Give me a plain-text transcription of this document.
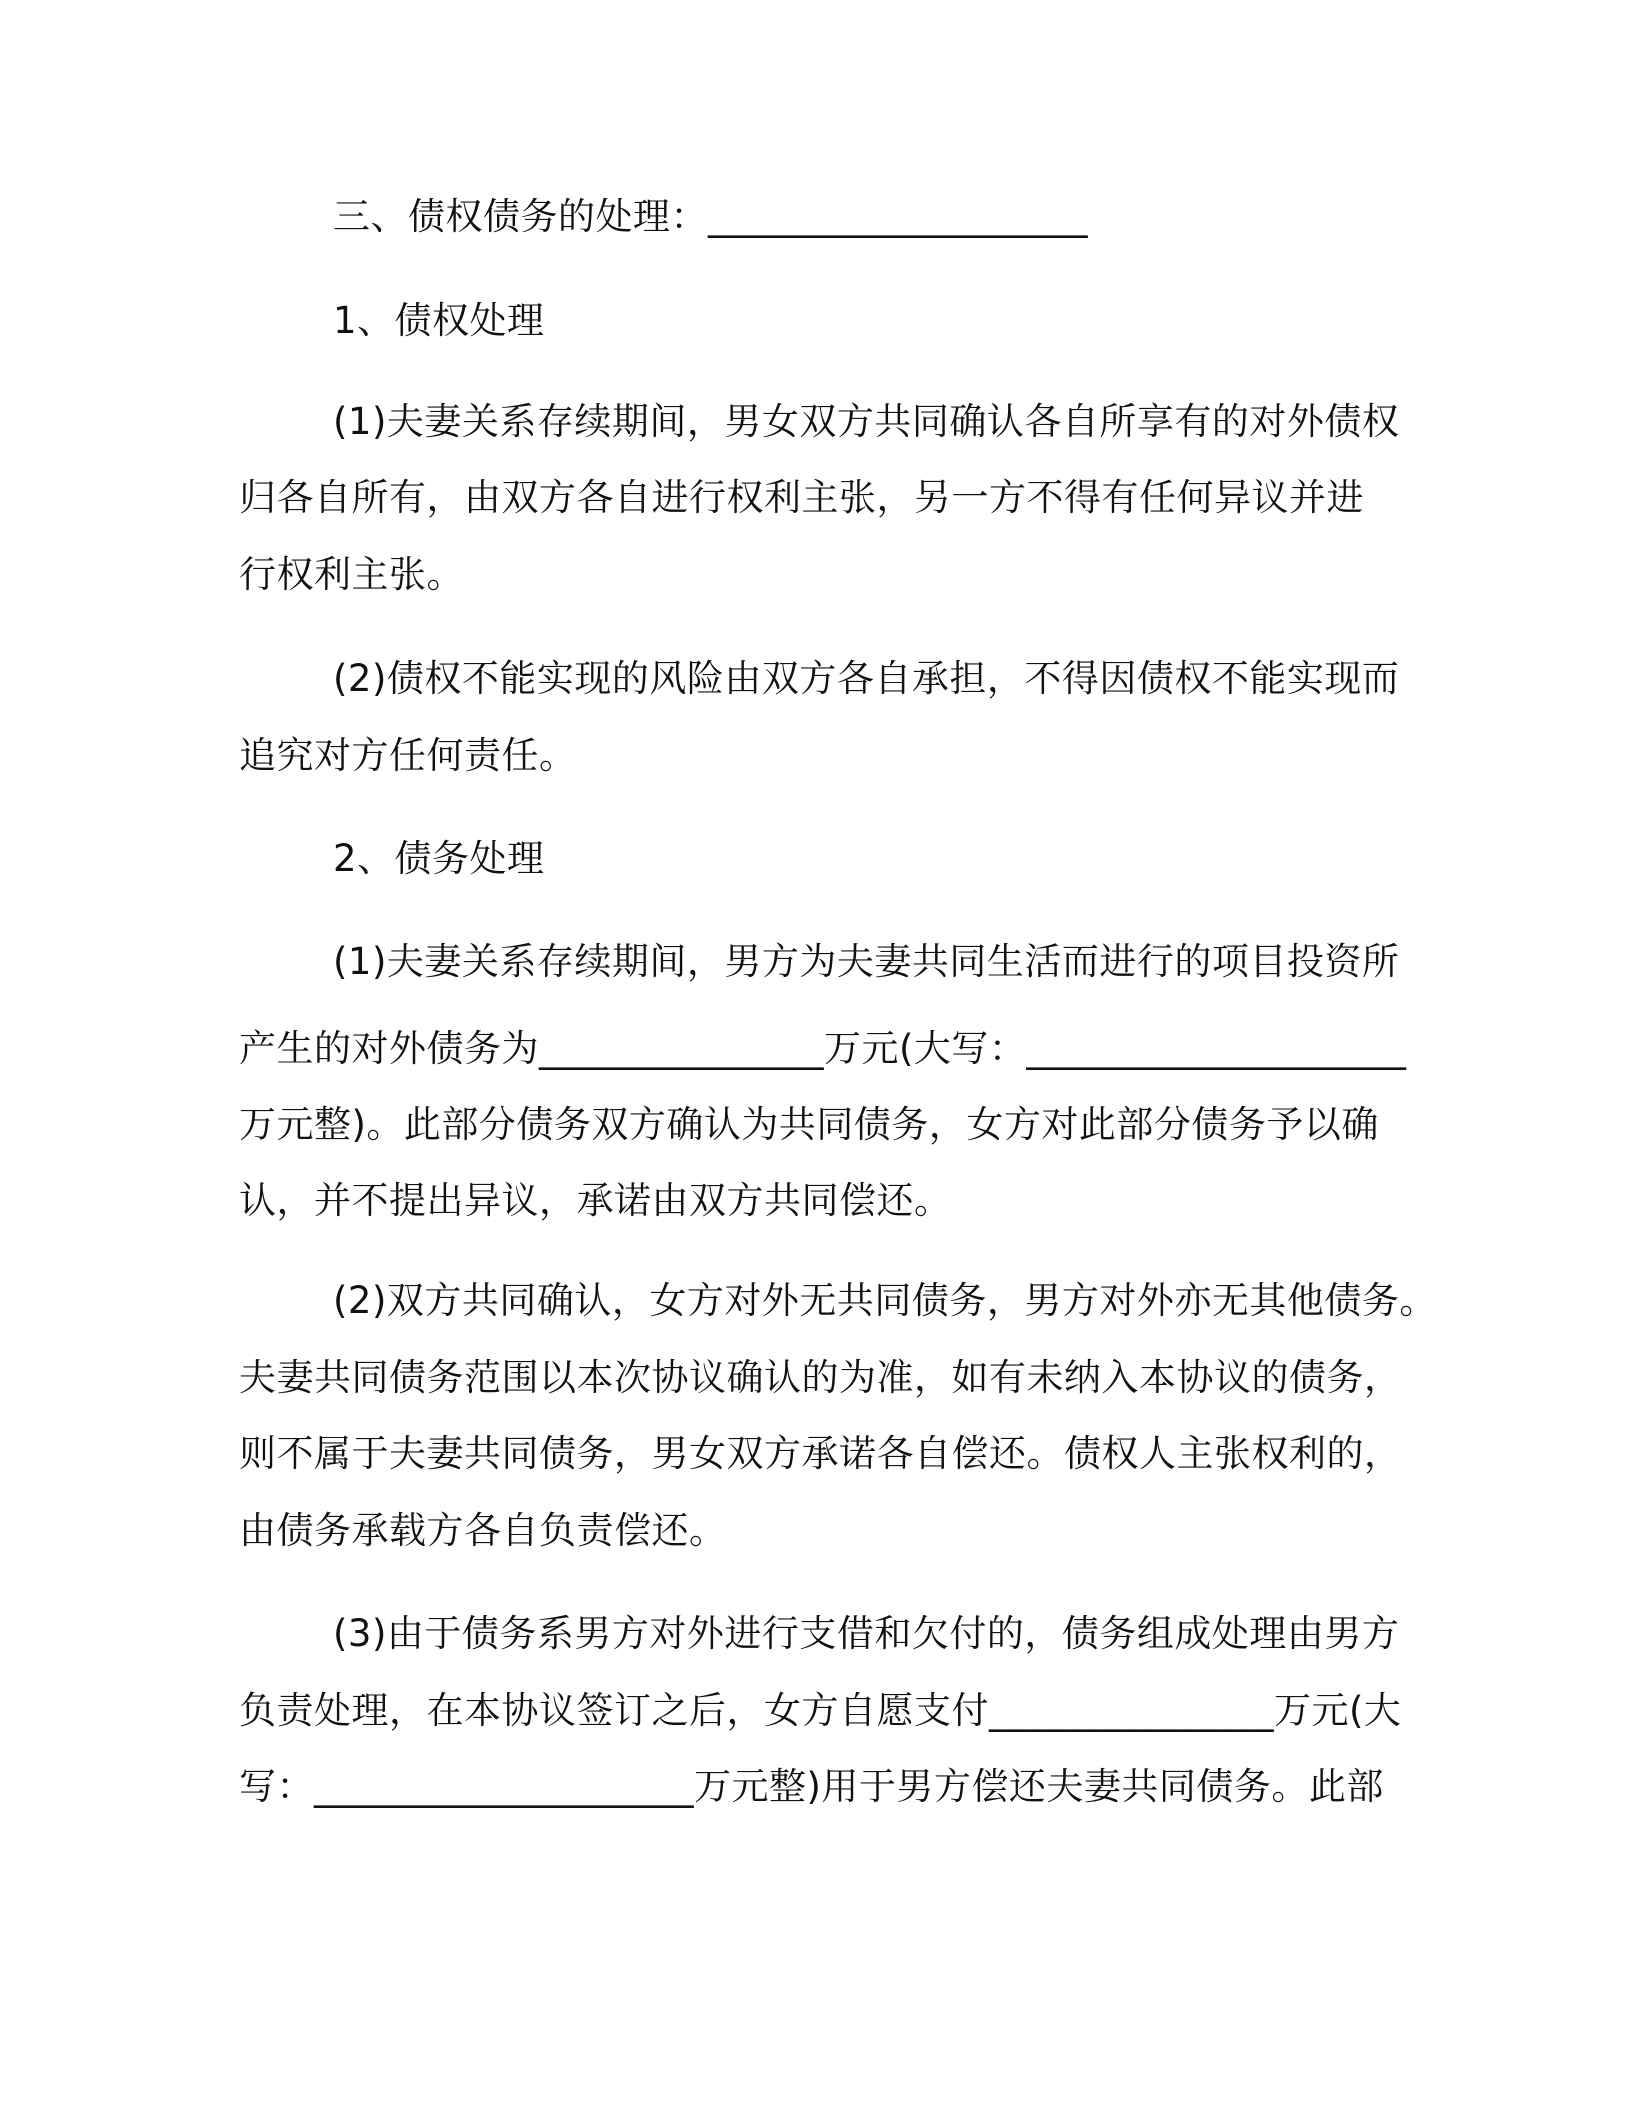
三、债权债务的处理：____________________
1、债权处理
(1)夫妻关系存续期间，男女双方共同确认各自所享有的对外债权
归各自所有，由双方各自进行权利主张，另一方不得有任何异议并进
行权利主张。
(2)债权不能实现的风险由双方各自承担，不得因债权不能实现而
追究对方任何责任。
2、债务处理
(1)夫妻关系存续期间，男方为夫妻共同生活而进行的项目投资所
产生的对外债务为_______________万元(大写：____________________
万元整)。此部分债务双方确认为共同债务，女方对此部分债务予以确
认，并不提出异议，承诺由双方共同偿还。
(2)双方共同确认，女方对外无共同债务，男方对外亦无其他债务。
夫妻共同债务范围以本次协议确认的为准，如有未纳入本协议的债务，
则不属于夫妻共同债务，男女双方承诺各自偿还。债权人主张权利的，
由债务承载方各自负责偿还。
(3)由于债务系男方对外进行支借和欠付的，债务组成处理由男方
负责处理，在本协议签订之后，女方自愿支付_______________万元(大
写：____________________万元整)用于男方偿还夫妻共同债务。此部
